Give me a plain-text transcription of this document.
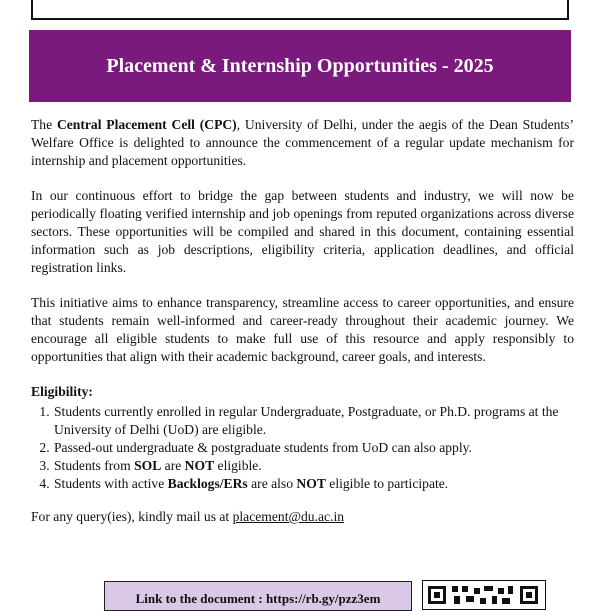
Placement & Internship Opportunities - 2025

The Central Placement Cell (CPC), University of Delhi, under the aegis of the Dean Students’ Welfare Office is delighted to announce the commencement of a regular update mechanism for internship and placement opportunities.

In our continuous effort to bridge the gap between students and industry, we will now be periodically floating verified internship and job openings from reputed organizations across diverse sectors. These opportunities will be compiled and shared in this document, containing essential information such as job descriptions, eligibility criteria, application deadlines, and official registration links.

This initiative aims to enhance transparency, streamline access to career opportunities, and ensure that students remain well-informed and career-ready throughout their academic journey. We encourage all eligible students to make full use of this resource and apply responsibly to opportunities that align with their academic background, career goals, and interests.

Eligibility:

1. Students currently enrolled in regular Undergraduate, Postgraduate, or Ph.D. programs at the University of Delhi (UoD) are eligible.
2. Passed-out undergraduate & postgraduate students from UoD can also apply.
3. Students from SOL are NOT eligible.
4. Students with active Backlogs/ERs are also NOT eligible to participate.

For any query(ies), kindly mail us at placement@du.ac.in

Link to the document : https://rb.gy/pzz3em
